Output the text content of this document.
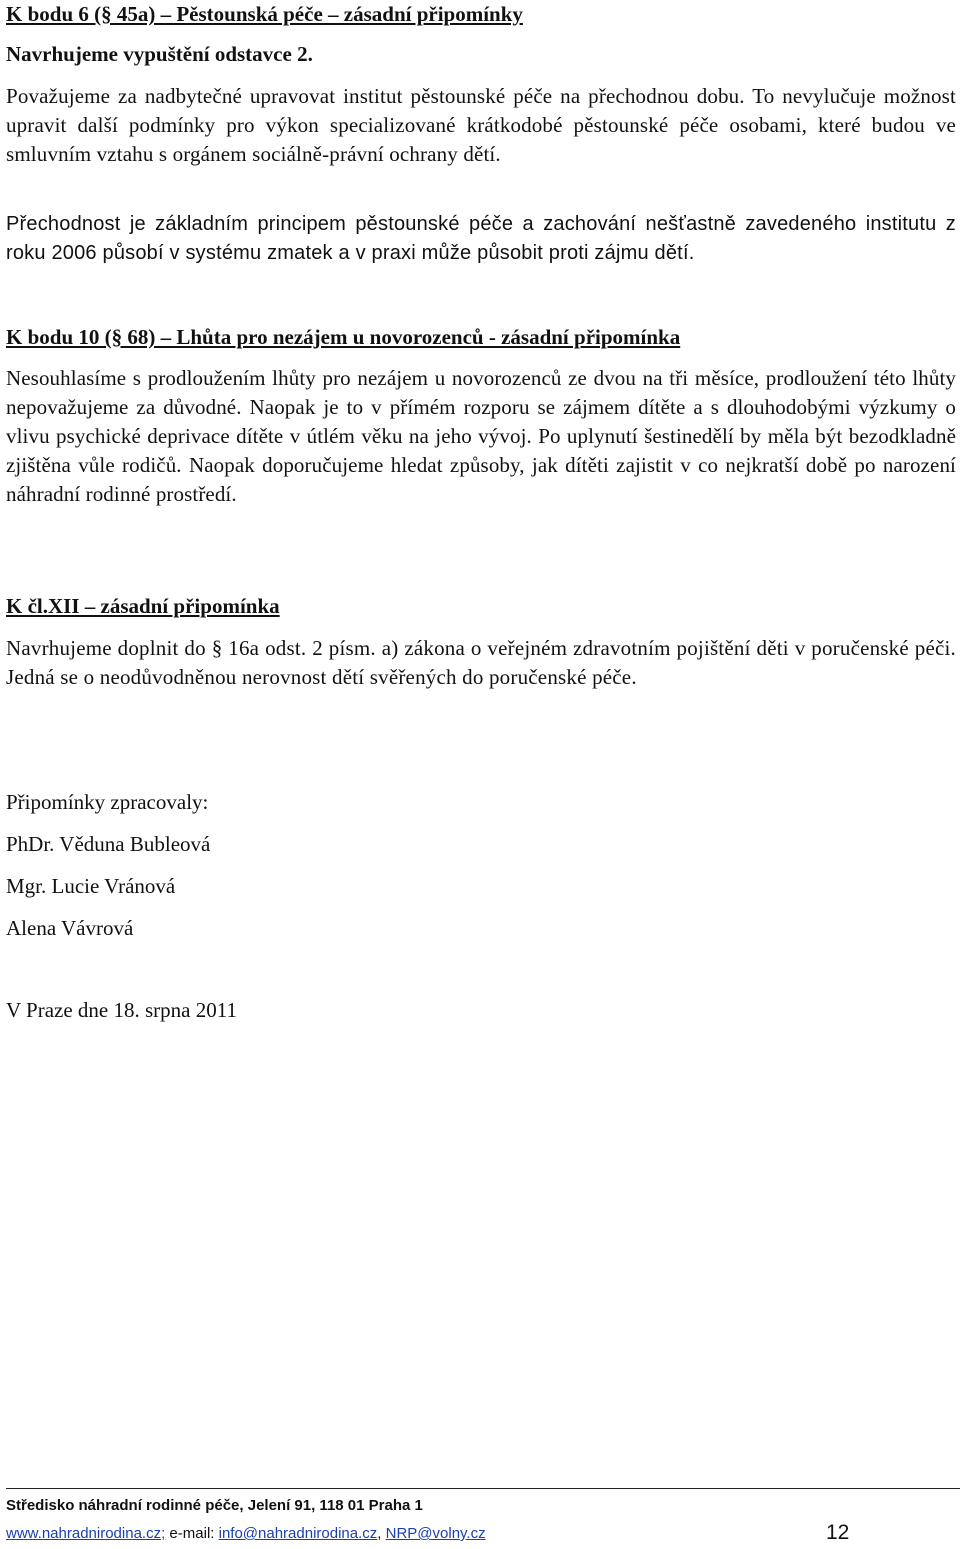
K bodu 6 (§ 45a) – Pěstounská péče – zásadní připomínky
Navrhujeme vypuštění odstavce 2.

Považujeme za nadbytečné upravovat institut pěstounské péče na přechodnou dobu. To nevylučuje možnost upravit další podmínky pro výkon specializované krátkodobé pěstounské péče osobami, které budou ve smluvním vztahu s orgánem sociálně-právní ochrany dětí.

Přechodnost je základním principem pěstounské péče a zachování nešťastně zavedeného institutu z roku 2006 působí v systému zmatek a v praxi může působit proti zájmu dětí.

K bodu 10 (§ 68) – Lhůta pro nezájem u novorozenců - zásadní připomínka

Nesouhlasíme s prodloužením lhůty pro nezájem u novorozenců ze dvou na tři měsíce, prodloužení této lhůty nepovažujeme za důvodné. Naopak je to v přímém rozporu se zájmem dítěte a s dlouhodobými výzkumy o vlivu psychické deprivace dítěte v útlém věku na jeho vývoj. Po uplynutí šestinedělí by měla být bezodkladně zjištěna vůle rodičů. Naopak doporučujeme hledat způsoby, jak dítěti zajistit v co nejkratší době po narození náhradní rodinné prostředí.

K čl.XII – zásadní připomínka

Navrhujeme doplnit do § 16a odst. 2 písm. a) zákona o veřejném zdravotním pojištění děti v poručenské péči. Jedná se o neodůvodněnou nerovnost dětí svěřených do poručenské péče.

Připomínky zpracovaly:
PhDr. Věduna Bubleová
Mgr. Lucie Vránová
Alena Vávrová
V Praze dne 18. srpna 2011
Středisko náhradní rodinné péče, Jelení 91, 118 01 Praha 1
www.nahradnirodina.cz; e-mail: info@nahradnirodina.cz, NRP@volny.cz	12
